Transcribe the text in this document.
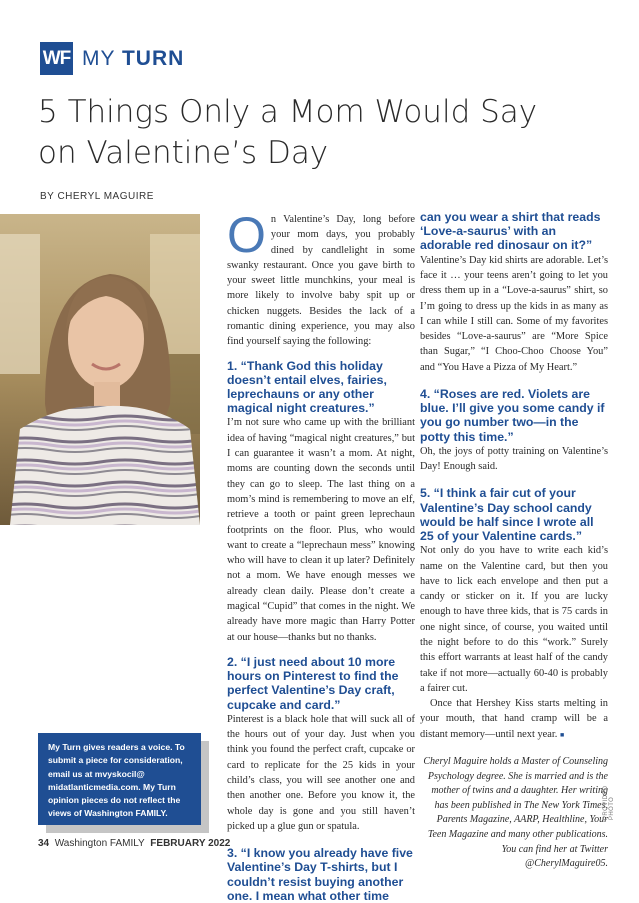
WF MY TURN
5 Things Only a Mom Would Say on Valentine’s Day
BY CHERYL MAGUIRE
O n Valentine’s Day, long before your mom days, you probably dined by candlelight in some swanky restaurant. Once you gave birth to your sweet little munchkins, your meal is more likely to involve baby spit up or chicken nuggets. Besides the lack of a romantic dining experience, you may also find yourself saying the following:

1. “Thank God this holiday doesn’t entail elves, fairies, leprechauns or any other magical night creatures.”

I’m not sure who came up with the brilliant idea of having “magical night creatures,” but I can guarantee it wasn’t a mom. At night, moms are counting down the seconds until they can go to sleep. The last thing on a mom’s mind is remembering to move an elf, retrieve a tooth or paint green leprechaun footprints on the floor. Plus, who would want to create a “leprechaun mess” knowing who will have to clean it up later? Definitely not a mom. We have enough messes we already clean daily. Please don’t create a magical “Cupid” that comes in the night. We already have more magic than Harry Potter at our house—thanks but no thanks.

2. “I just need about 10 more hours on Pinterest to find the perfect Valentine’s Day craft, cupcake and card.”

Pinterest is a black hole that will suck all of the hours out of your day. Just when you think you found the perfect craft, cupcake or card to replicate for the 25 kids in your child’s class, you will see another one and then another one. Before you know it, the whole day is gone and you still haven’t picked up a glue gun or spatula.

3. “I know you already have five Valentine’s Day T-shirts, but I couldn’t resist buying another one. I mean what other time

can you wear a shirt that reads ‘Love-a-saurus’ with an adorable red dinosaur on it?”

Valentine’s Day kid shirts are adorable. Let’s face it … your teens aren’t going to let you dress them up in a “Love-a-saurus” shirt, so I’m going to dress up the kids in as many as I can while I still can. Some of my favorites besides “Love-a-saurus” are “More Spice than Sugar,” “I Choo-Choo Choose You” and “You Have a Pizza of My Heart.”

4. “Roses are red. Violets are blue. I’ll give you some candy if you go number two—in the potty this time.”

Oh, the joys of potty training on Valentine’s Day! Enough said.

5. “I think a fair cut of your Valentine’s Day school candy would be half since I wrote all 25 of your Valentine cards.”

Not only do you have to write each kid’s name on the Valentine card, but then you have to lick each envelope and then put a candy or sticker on it. If you are lucky enough to have three kids, that is 75 cards in one night since, of course, you waited until the night before to do this “work.” Surely this effort warrants at least half of the candy take if not more—actually 60-40 is probably a fairer cut.

Once that Hershey Kiss starts melting in your mouth, that hand cramp will be a distant memory—until next year. ■

Cheryl Maguire holds a Master of Counseling Psychology degree. She is married and is the mother of twins and a daughter. Her writing has been published in The New York Times, Parents Magazine, AARP, Healthline, Your Teen Magazine and many other publications. You can find her at Twitter @CherylMaguire05.

My Turn gives readers a voice. To submit a piece for consideration, email us at mvyskocil@ midatlanticmedia.com. My Turn opinion pieces do not reflect the views of Washington FAMILY.	PROVIDED PHOTO
34 Washington FAMILY FEBRUARY 2022
